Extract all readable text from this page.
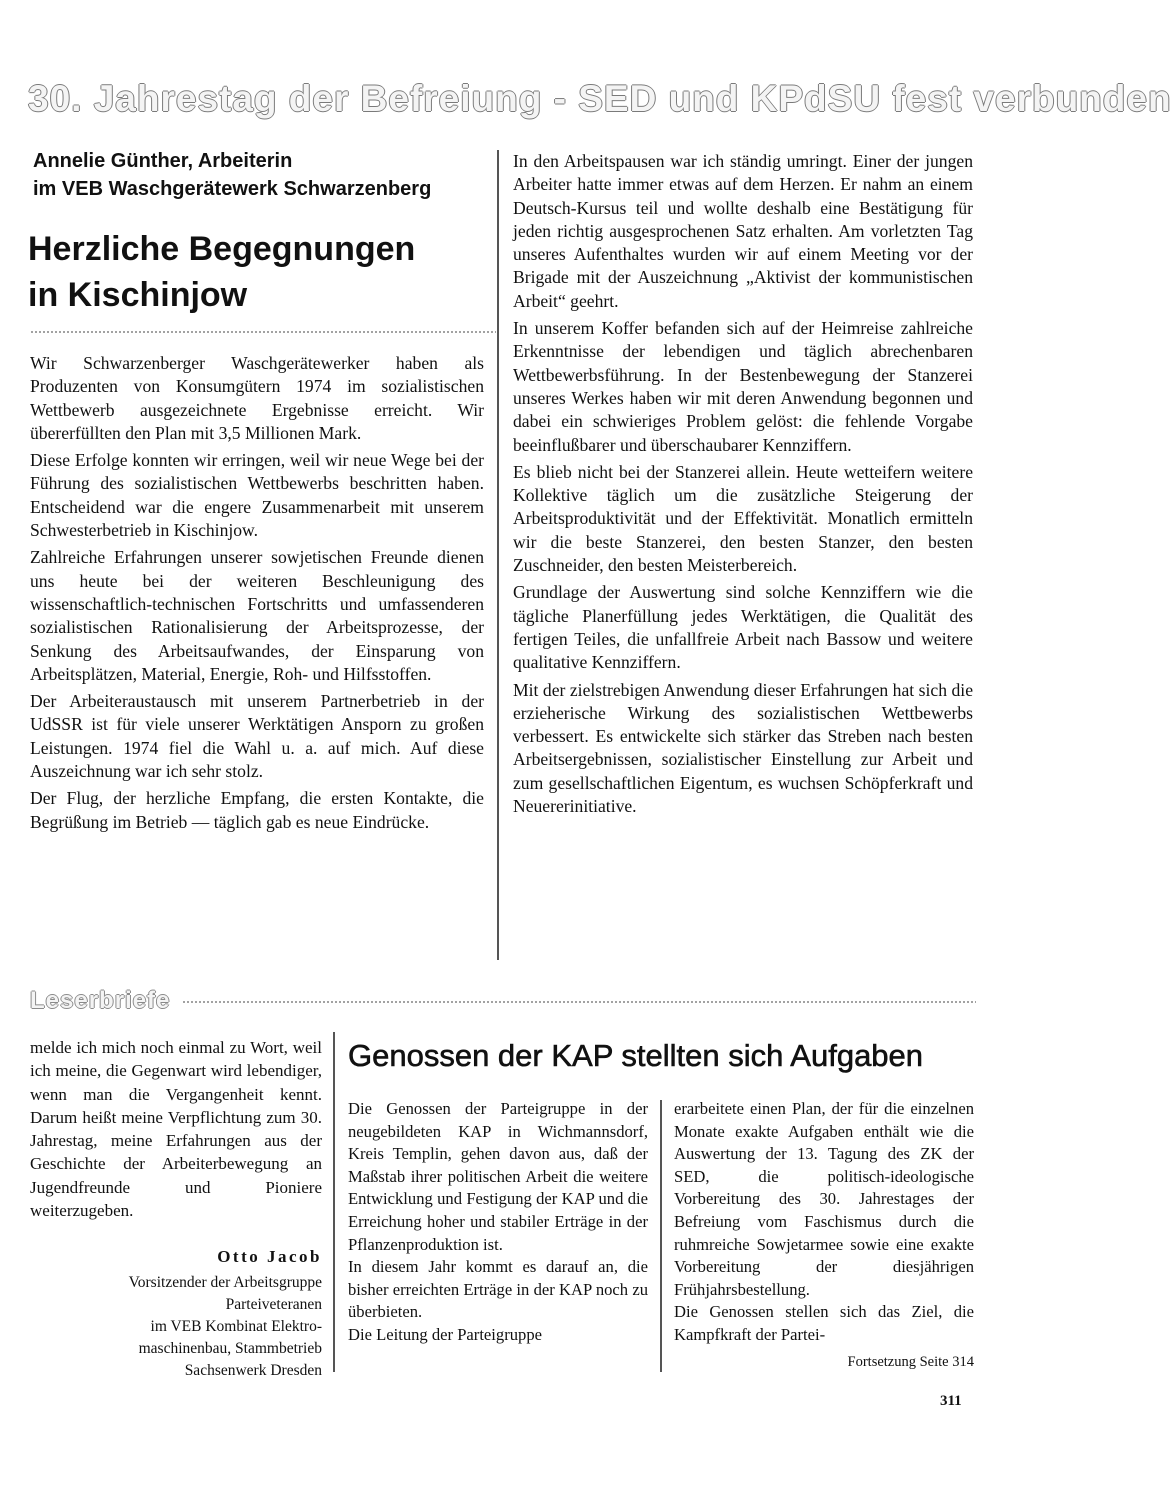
30. Jahrestag der Befreiung - SED und KPdSU fest verbunden
Annelie Günther, Arbeiterin
im VEB Waschgerätewerk Schwarzenberg
Herzliche Begegnungen
in Kischinjow

Wir Schwarzenberger Waschgerätewerker haben als Produzenten von Konsumgütern 1974 im sozialistischen Wettbewerb ausgezeichnete Ergebnisse erreicht. Wir übererfüllten den Plan mit 3,5 Millionen Mark.

Diese Erfolge konnten wir erringen, weil wir neue Wege bei der Führung des sozialistischen Wettbewerbs beschritten haben. Entscheidend war die engere Zusammenarbeit mit unserem Schwesterbetrieb in Kischinjow.

Zahlreiche Erfahrungen unserer sowjetischen Freunde dienen uns heute bei der weiteren Beschleunigung des wissenschaftlich-technischen Fortschritts und umfassenderen sozialistischen Rationalisierung der Arbeitsprozesse, der Senkung des Arbeitsaufwandes, der Einsparung von Arbeitsplätzen, Material, Energie, Roh- und Hilfsstoffen.

Der Arbeiteraustausch mit unserem Partnerbetrieb in der UdSSR ist für viele unserer Werktätigen Ansporn zu großen Leistungen. 1974 fiel die Wahl u. a. auf mich. Auf diese Auszeichnung war ich sehr stolz.

Der Flug, der herzliche Empfang, die ersten Kontakte, die Begrüßung im Betrieb — täglich gab es neue Eindrücke.

In den Arbeitspausen war ich ständig umringt. Einer der jungen Arbeiter hatte immer etwas auf dem Herzen. Er nahm an einem Deutsch-Kursus teil und wollte deshalb eine Bestätigung für jeden richtig ausgesprochenen Satz erhalten. Am vorletzten Tag unseres Aufenthaltes wurden wir auf einem Meeting vor der Brigade mit der Auszeichnung „Aktivist der kommunistischen Arbeit“ geehrt.

In unserem Koffer befanden sich auf der Heimreise zahlreiche Erkenntnisse der lebendigen und täglich abrechenbaren Wettbewerbsführung. In der Bestenbewegung der Stanzerei unseres Werkes haben wir mit deren Anwendung begonnen und dabei ein schwieriges Problem gelöst: die fehlende Vorgabe beeinflußbarer und überschaubarer Kennziffern.

Es blieb nicht bei der Stanzerei allein. Heute wetteifern weitere Kollektive täglich um die zusätzliche Steigerung der Arbeitsproduktivität und der Effektivität. Monatlich ermitteln wir die beste Stanzerei, den besten Stanzer, den besten Zuschneider, den besten Meisterbereich.

Grundlage der Auswertung sind solche Kennziffern wie die tägliche Planerfüllung jedes Werktätigen, die Qualität des fertigen Teiles, die unfallfreie Arbeit nach Bassow und weitere qualitative Kennziffern.

Mit der zielstrebigen Anwendung dieser Erfahrungen hat sich die erzieherische Wirkung des sozialistischen Wettbewerbs verbessert. Es entwickelte sich stärker das Streben nach besten Arbeitsergebnissen, sozialistischer Einstellung zur Arbeit und zum gesellschaftlichen Eigentum, es wuchsen Schöpferkraft und Neuererinitiative.

Leserbriefe

melde ich mich noch einmal zu Wort, weil ich meine, die Gegenwart wird lebendiger, wenn man die Vergangenheit kennt. Darum heißt meine Verpflichtung zum 30. Jahrestag, meine Erfahrungen aus der Geschichte der Arbeiterbewegung an Jugendfreunde und Pioniere weiterzugeben.

Otto Jacob
Vorsitzender der Arbeitsgruppe
Parteiveteranen
im VEB Kombinat Elektro-
maschinenbau, Stammbetrieb
Sachsenwerk Dresden
Genossen der KAP stellten sich Aufgaben

Die Genossen der Parteigruppe in der neugebildeten KAP in Wichmannsdorf, Kreis Templin, gehen davon aus, daß der Maßstab ihrer politischen Arbeit die weitere Entwicklung und Festigung der KAP und die Erreichung hoher und stabiler Erträge in der Pflanzenproduktion ist.

In diesem Jahr kommt es darauf an, die bisher erreichten Erträge in der KAP noch zu überbieten.

Die Leitung der Parteigruppe

erarbeitete einen Plan, der für die einzelnen Monate exakte Aufgaben enthält wie die Auswertung der 13. Tagung des ZK der SED, die politisch-ideologische Vorbereitung des 30. Jahrestages der Befreiung vom Faschismus durch die ruhmreiche Sowjetarmee sowie eine exakte Vorbereitung der diesjährigen Frühjahrsbestellung.

Die Genossen stellen sich das Ziel, die Kampfkraft der Partei-

Fortsetzung Seite 314
311
